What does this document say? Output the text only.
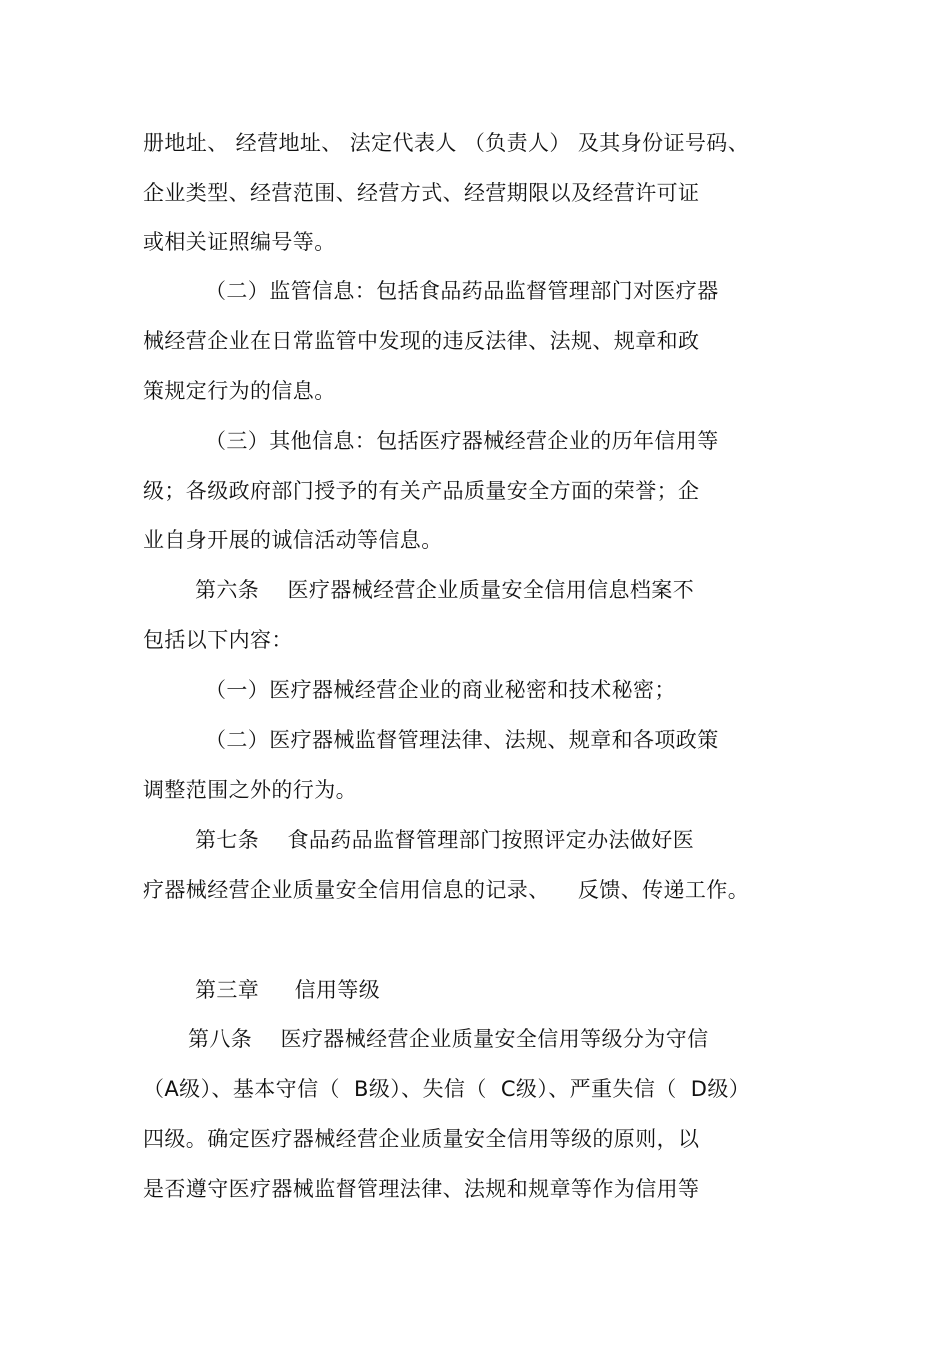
册地址、 经营地址、 法定代表人 （负责人） 及其身份证号码、
企业类型、经营范围、经营方式、经营期限以及经营许可证
或相关证照编号等。
（二）监管信息：包括食品药品监督管理部门对医疗器
械经营企业在日常监管中发现的违反法律、法规、规章和政
策规定行为的信息。
（三）其他信息：包括医疗器械经营企业的历年信用等
级；各级政府部门授予的有关产品质量安全方面的荣誉；企
业自身开展的诚信活动等信息。
第六条    医疗器械经营企业质量安全信用信息档案不
包括以下内容：
（一）医疗器械经营企业的商业秘密和技术秘密；
（二）医疗器械监督管理法律、法规、规章和各项政策
调整范围之外的行为。
第七条    食品药品监督管理部门按照评定办法做好医
疗器械经营企业质量安全信用信息的记录、    反馈、传递工作。
第三章     信用等级
第八条    医疗器械经营企业质量安全信用等级分为守信
（A级）、基本守信（  B级）、失信（  C级）、严重失信（  D级）
四级。确定医疗器械经营企业质量安全信用等级的原则，以
是否遵守医疗器械监督管理法律、法规和规章等作为信用等
